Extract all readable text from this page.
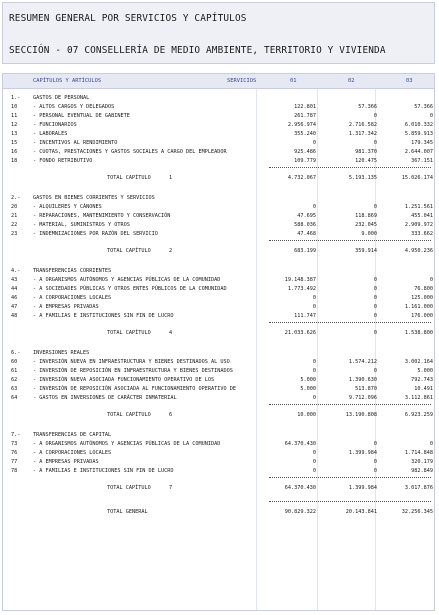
RESUMEN GENERAL POR SERVICIOS Y CAPÍTULOS
SECCIÓN - 07 CONSELLERÍA DE MEDIO AMBIENTE, TERRITORIO Y VIVIENDA
CAPÍTULOS Y ARTÍCULOS	SERVICIOS	01	02	03
1.- GASTOS DE PERSONAL
10	- ALTOS CARGOS Y DELEGADOS	122.801	57.366	57.366
11	- PERSONAL EVENTUAL DE GABINETE	261.787	0	0
12	- FUNCIONARIOS	2.956.974	2.716.582	6.010.332
13	- LABORALES	355.240	1.317.342	5.859.913
15	- INCENTIVOS AL RENDIMIENTO	0	0	179.345
16	- CUOTAS, PRESTACIONES Y GASTOS SOCIALES A CARGO DEL EMPLEADOR	925.486	981.370	2.644.007
18	- FONDO RETRIBUTIVO	109.779	120.475	367.151
TOTAL CAPÍTULO	1	4.732.067	5.193.135	15.026.174
2.- GASTOS EN BIENES CORRIENTES Y SERVICIOS
20	- ALQUILERES Y CÁNONES	0	0	1.251.561
21	- REPARACIONES, MANTENIMIENTO Y CONSERVACIÓN	47.695	118.869	455.041
22	- MATERIAL, SUMINISTROS Y OTROS	588.036	232.045	2.909.972
23	- INDEMNIZACIONES POR RAZÓN DEL SERVICIO	47.468	9.000	333.662
TOTAL CAPÍTULO	2	683.199	359.914	4.950.236
4.- TRANSFERENCIAS CORRIENTES
43	- A ORGANISMOS AUTÓNOMOS Y AGENCIAS PÚBLICAS DE LA COMUNIDAD	19.148.387	0	0
44	- A SOCIEDADES PÚBLICAS Y OTROS ENTES PÚBLICOS DE LA COMUNIDAD	1.773.492	0	76.800
46	- A CORPORACIONES LOCALES	0	0	125.000
47	- A EMPRESAS PRIVADAS	0	0	1.161.000
48	- A FAMILIAS E INSTITUCIONES SIN FIN DE LUCRO	111.747	0	176.000
TOTAL CAPÍTULO	4	21.033.626	0	1.538.800
6.- INVERSIONES REALES
60	- INVERSIÓN NUEVA EN INFRAESTRUCTURA Y BIENES DESTINADOS AL USO	0	1.574.212	3.002.164
61	- INVERSIÓN DE REPOSICIÓN EN INFRAESTRUCTURA Y BIENES DESTINADOS	0	0	5.000
62	- INVERSIÓN NUEVA ASOCIADA FUNCIONAMIENTO OPERATIVO DE LOS	5.000	1.390.630	792.743
63	- INVERSIÓN DE REPOSICIÓN ASOCIADA AL FUNCIONAMIENTO OPERATIVO DE	5.000	513.870	10.491
64	- GASTOS EN INVERSIONES DE CARÁCTER INMATERIAL	0	9.712.096	3.112.861
TOTAL CAPÍTULO	6	10.000	13.190.808	6.923.259
7.- TRANSFERENCIAS DE CAPITAL
73	- A ORGANISMOS AUTÓNOMOS Y AGENCIAS PÚBLICAS DE LA COMUNIDAD	64.370.430	0	0
76	- A CORPORACIONES LOCALES	0	1.399.984	1.714.848
77	- A EMPRESAS PRIVADAS	0	0	320.179
78	- A FAMILIAS E INSTITUCIONES SIN FIN DE LUCRO	0	0	982.849
TOTAL CAPÍTULO	7	64.370.430	1.399.984	3.017.876
TOTAL GENERAL	90.829.322	20.143.841	32.256.345
